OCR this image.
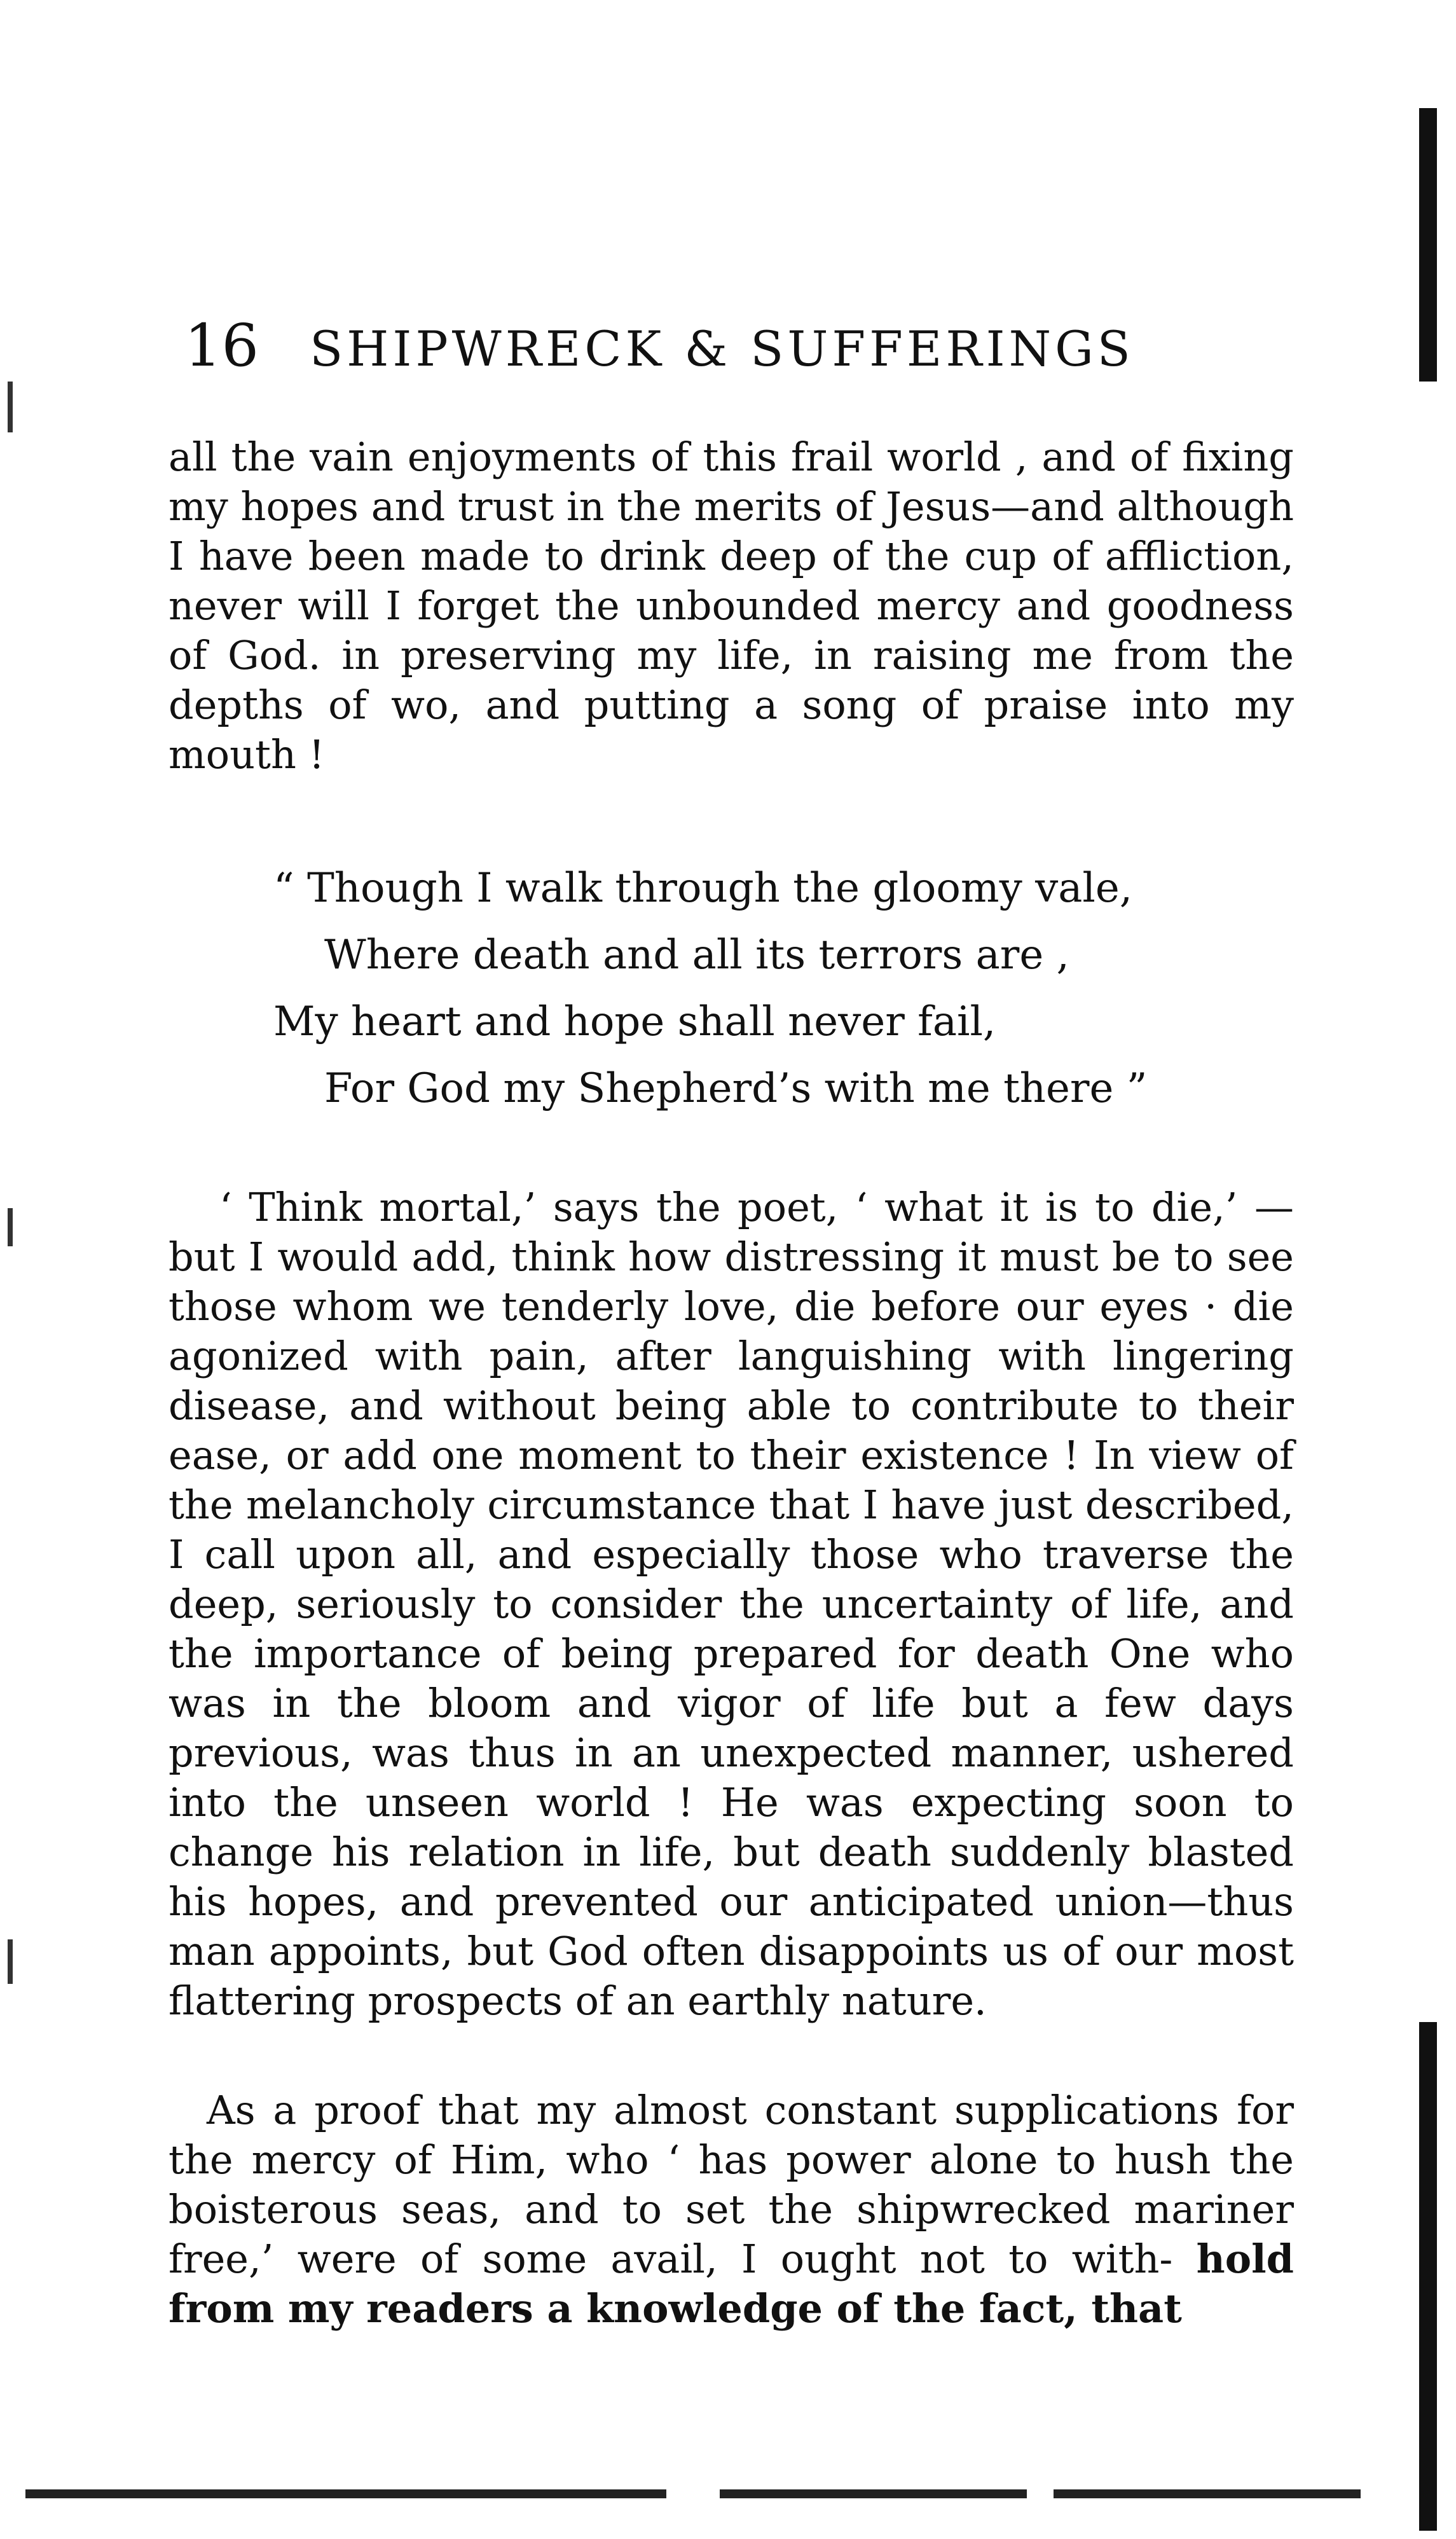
16 SHIPWRECK & SUFFERINGS
all the vain enjoyments of this frail world , and of fixing my hopes and trust in the merits of Jesus—and although I have been made to drink deep of the cup of affliction, never will I forget the unbounded mercy and goodness of God. in preserving my life, in raising me from the depths of wo, and putting a song of praise into my mouth !
“ Though I walk through the gloomy vale,
Where death and all its terrors are ,
My heart and hope shall never fail,
For God my Shepherd’s with me there ”
‘ Think mortal,’ says the poet, ‘ what it is to die,’ —but I would add, think how distressing it must be to see those whom we tenderly love, die before our eyes · die agonized with pain, after languishing with lingering disease, and without being able to contribute to their ease, or add one moment to their existence ! In view of the melancholy circumstance that I have just described, I call upon all, and especially those who traverse the deep, seriously to consider the uncertainty of life, and the importance of being prepared for death One who was in the bloom and vigor of life but a few days previous, was thus in an unexpected manner, ushered into the unseen world ! He was expecting soon to change his relation in life, but death suddenly blasted his hopes, and prevented our anticipated union—thus man appoints, but God often disappoints us of our most flattering prospects of an earthly nature.
As a proof that my almost constant supplications for the mercy of Him, who ‘ has power alone to hush the boisterous seas, and to set the shipwrecked mariner free,’ were of some avail, I ought not to with- hold from my readers a knowledge of the fact, that
